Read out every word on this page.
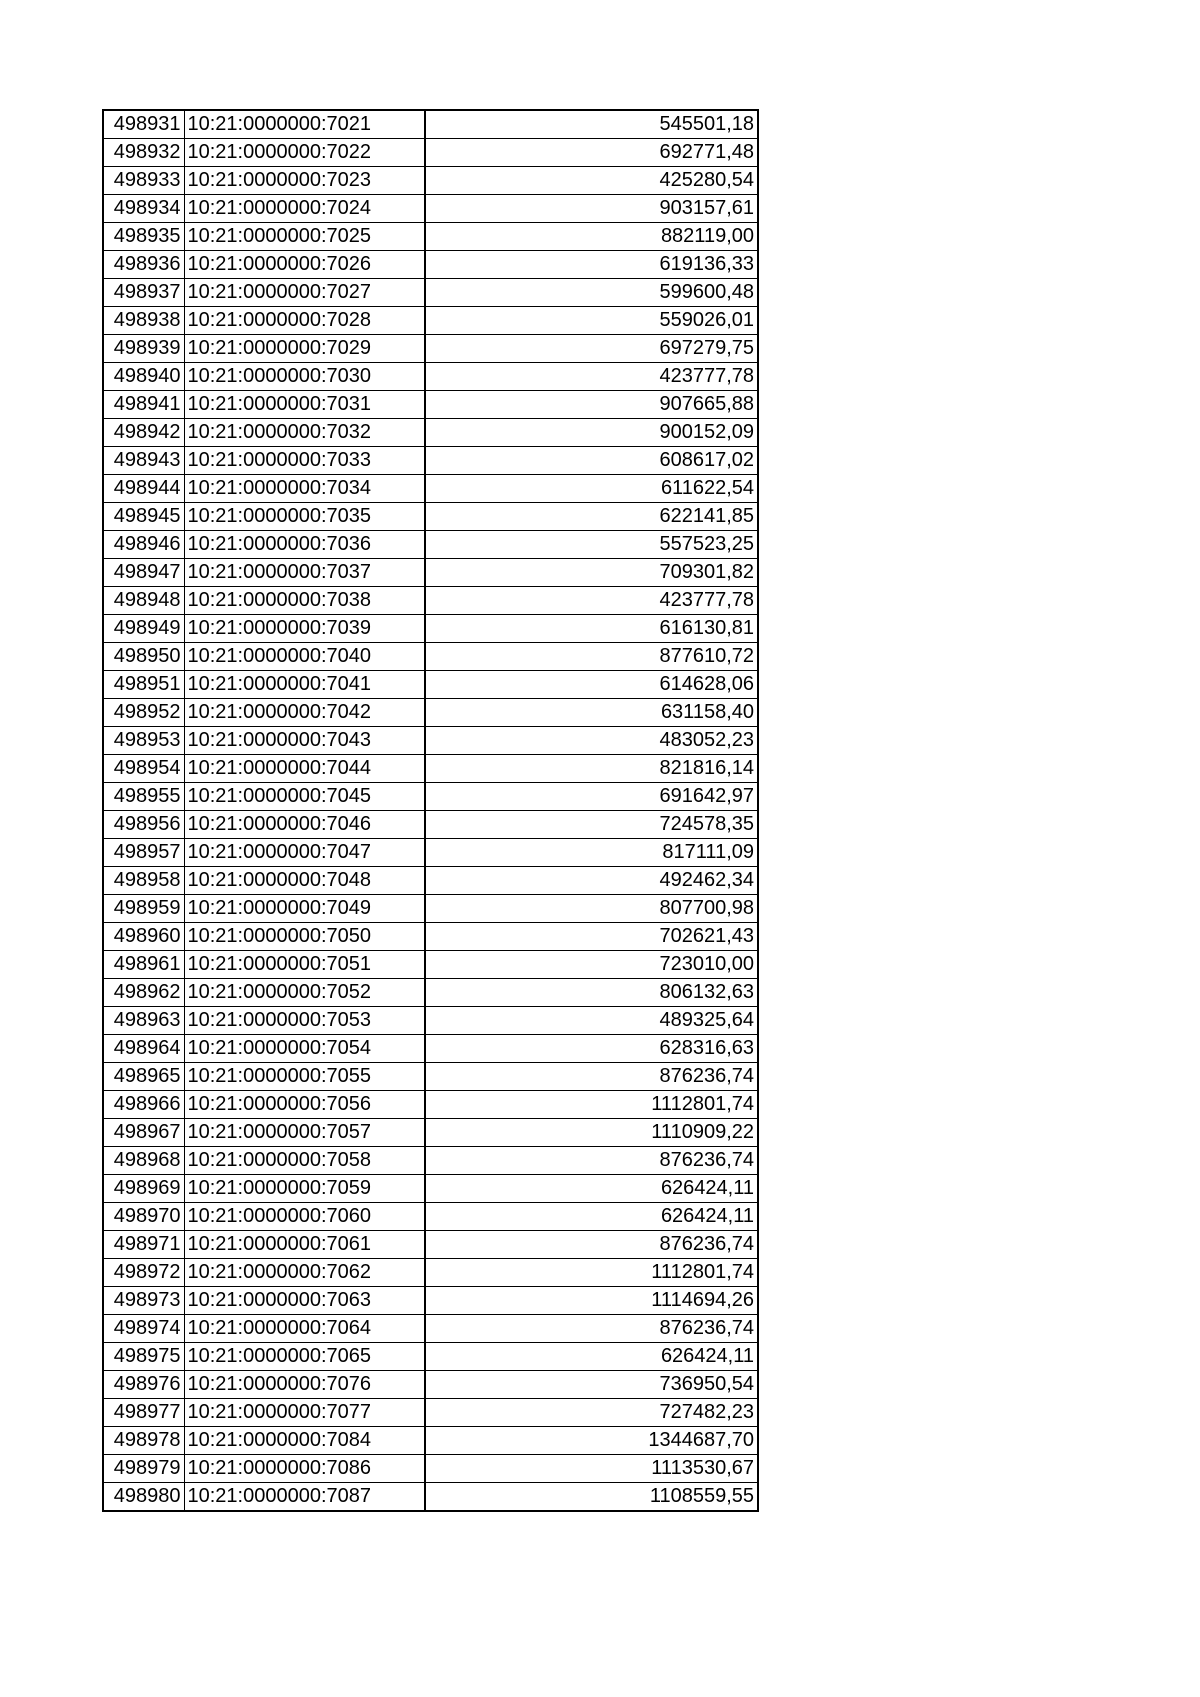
498931	10:21:0000000:7021	545501,18
498932	10:21:0000000:7022	692771,48
498933	10:21:0000000:7023	425280,54
498934	10:21:0000000:7024	903157,61
498935	10:21:0000000:7025	882119,00
498936	10:21:0000000:7026	619136,33
498937	10:21:0000000:7027	599600,48
498938	10:21:0000000:7028	559026,01
498939	10:21:0000000:7029	697279,75
498940	10:21:0000000:7030	423777,78
498941	10:21:0000000:7031	907665,88
498942	10:21:0000000:7032	900152,09
498943	10:21:0000000:7033	608617,02
498944	10:21:0000000:7034	611622,54
498945	10:21:0000000:7035	622141,85
498946	10:21:0000000:7036	557523,25
498947	10:21:0000000:7037	709301,82
498948	10:21:0000000:7038	423777,78
498949	10:21:0000000:7039	616130,81
498950	10:21:0000000:7040	877610,72
498951	10:21:0000000:7041	614628,06
498952	10:21:0000000:7042	631158,40
498953	10:21:0000000:7043	483052,23
498954	10:21:0000000:7044	821816,14
498955	10:21:0000000:7045	691642,97
498956	10:21:0000000:7046	724578,35
498957	10:21:0000000:7047	817111,09
498958	10:21:0000000:7048	492462,34
498959	10:21:0000000:7049	807700,98
498960	10:21:0000000:7050	702621,43
498961	10:21:0000000:7051	723010,00
498962	10:21:0000000:7052	806132,63
498963	10:21:0000000:7053	489325,64
498964	10:21:0000000:7054	628316,63
498965	10:21:0000000:7055	876236,74
498966	10:21:0000000:7056	1112801,74
498967	10:21:0000000:7057	1110909,22
498968	10:21:0000000:7058	876236,74
498969	10:21:0000000:7059	626424,11
498970	10:21:0000000:7060	626424,11
498971	10:21:0000000:7061	876236,74
498972	10:21:0000000:7062	1112801,74
498973	10:21:0000000:7063	1114694,26
498974	10:21:0000000:7064	876236,74
498975	10:21:0000000:7065	626424,11
498976	10:21:0000000:7076	736950,54
498977	10:21:0000000:7077	727482,23
498978	10:21:0000000:7084	1344687,70
498979	10:21:0000000:7086	1113530,67
498980	10:21:0000000:7087	1108559,55
